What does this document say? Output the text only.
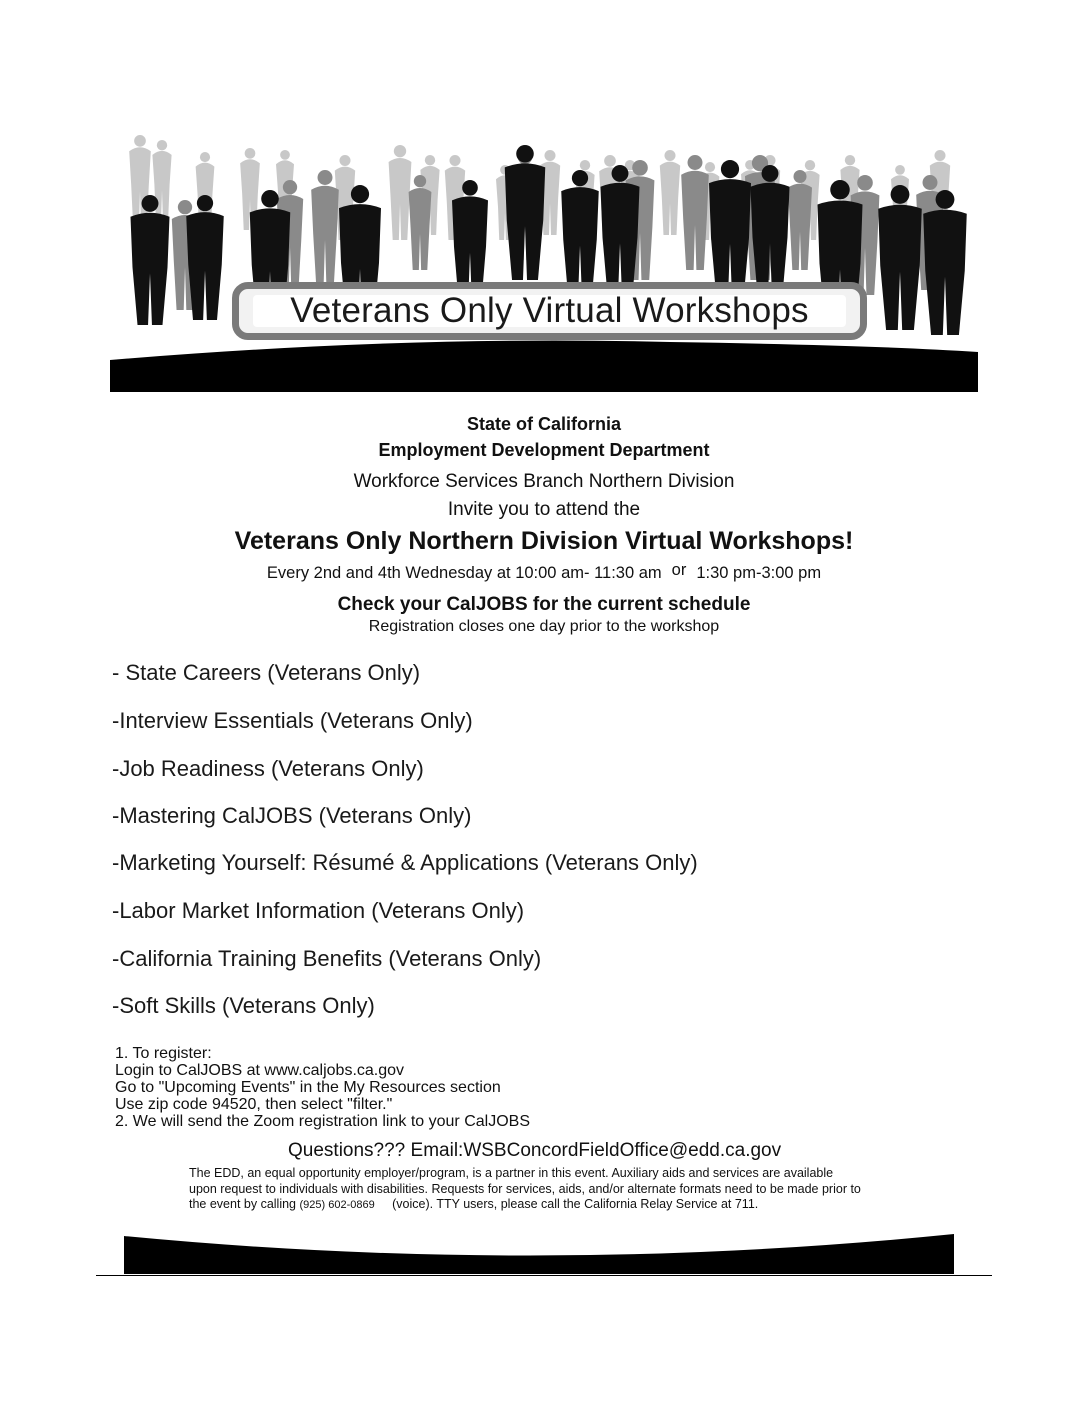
Veterans Only Virtual Workshops
State of California
Employment Development Department
Workforce Services Branch Northern Division
Invite you to attend the
Veterans Only Northern Division Virtual Workshops!
Every 2nd and 4th Wednesday at 10:00 am- 11:30 am or 1:30 pm-3:00 pm
Check your CalJOBS for the current schedule
Registration closes one day prior to the workshop
- State Careers (Veterans Only)
-Interview Essentials (Veterans Only)
-Job Readiness (Veterans Only)
-Mastering CalJOBS (Veterans Only)
-Marketing Yourself: Résumé & Applications (Veterans Only)
-Labor Market Information (Veterans Only)
-California Training Benefits (Veterans Only)
-Soft Skills (Veterans Only)
1. To register:
Login to CalJOBS at www.caljobs.ca.gov
Go to "Upcoming Events" in the My Resources section
Use zip code 94520, then select "filter."
2. We will send the Zoom registration link to your CalJOBS
Questions??? Email:WSBConcordFieldOffice@edd.ca.gov
The EDD, an equal opportunity employer/program, is a partner in this event. Auxiliary aids and services are available
upon request to individuals with disabilities. Requests for services, aids, and/or alternate formats need to be made prior to
the event by calling (925) 602-0869 (voice). TTY users, please call the California Relay Service at 711.
